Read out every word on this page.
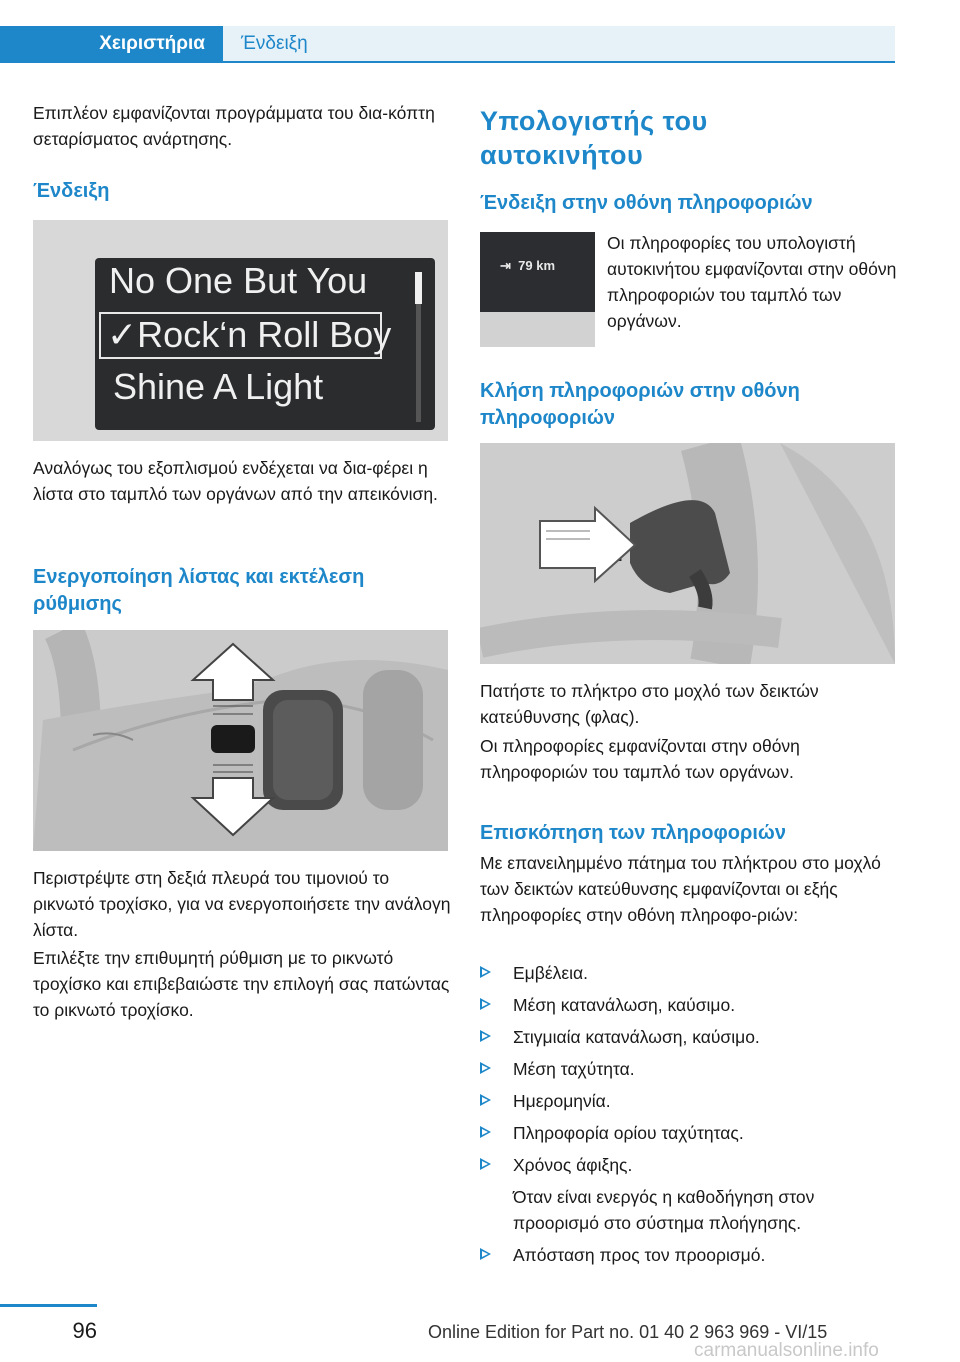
Χειριστήρια	Ένδειξη

Επιπλέον εμφανίζονται προγράμματα του δια‐κόπτη σεταρίσματος ανάρτησης.

Ένδειξη
No One But You
✓Rock‘n Roll Boy
Shine A Light

Αναλόγως του εξοπλισμού ενδέχεται να δια‐φέρει η λίστα στο ταμπλό των οργάνων από την απεικόνιση.

Ενεργοποίηση λίστας και εκτέλεση ρύθμισης

Περιστρέψτε στη δεξιά πλευρά του τιμονιού το ρικνωτό τροχίσκο, για να ενεργοποιήσετε την ανάλογη λίστα.

Επιλέξτε την επιθυμητή ρύθμιση με το ρικνωτό τροχίσκο και επιβεβαιώστε την επιλογή σας πατώντας το ρικνωτό τροχίσκο.

Υπολογιστής του αυτοκινήτου
Ένδειξη στην οθόνη πληροφοριών
⇥ 79 km

Οι πληροφορίες του υπολογιστή αυτοκινήτου εμφανίζονται στην οθόνη πληροφοριών του ταμπλό των οργάνων.

Κλήση πληροφοριών στην οθόνη πληροφοριών

Πατήστε το πλήκτρο στο μοχλό των δεικτών κατεύθυνσης (φλας).

Οι πληροφορίες εμφανίζονται στην οθόνη πληροφοριών του ταμπλό των οργάνων.

Επισκόπηση των πληροφοριών

Με επανειλημμένο πάτημα του πλήκτρου στο μοχλό των δεικτών κατεύθυνσης εμφανίζονται οι εξής πληροφορίες στην οθόνη πληροφο‐ριών:

Εμβέλεια.
Μέση κατανάλωση, καύσιμο.
Στιγμιαία κατανάλωση, καύσιμο.
Μέση ταχύτητα.
Ημερομηνία.
Πληροφορία ορίου ταχύτητας.
Χρόνος άφιξης.
Όταν είναι ενεργός η καθοδήγηση στον
προορισμό στο σύστημα πλοήγησης.
Απόσταση προς τον προορισμό.
96	Online Edition for Part no. 01 40 2 963 969 - VI/15
carmanualsonline.info
